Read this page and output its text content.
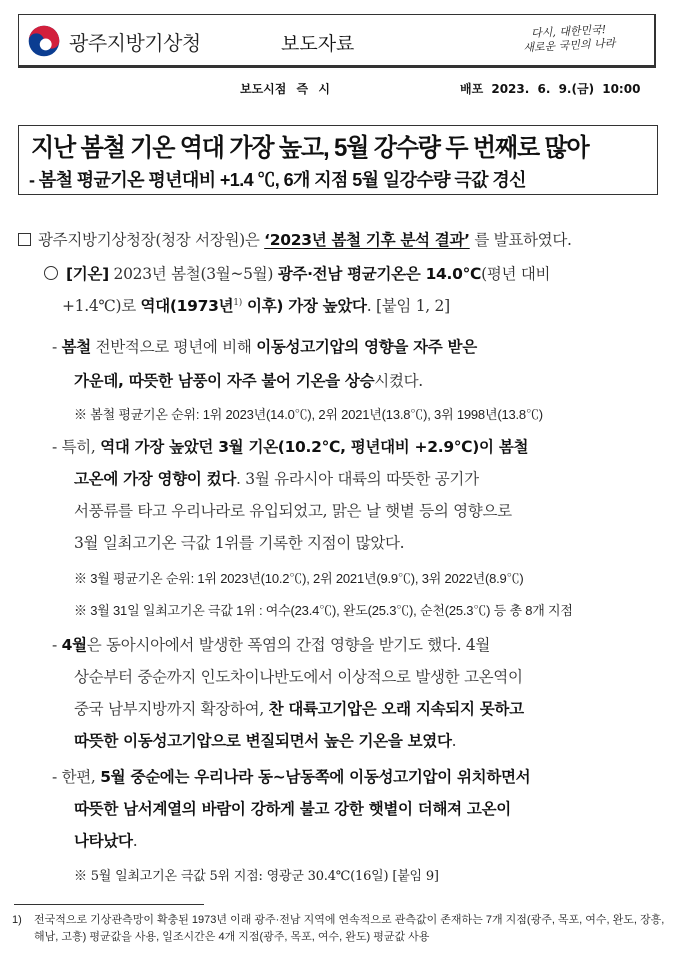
광주지방기상청	보도자료
다시, 대한민국!
새로운 국민의 나라
보도시점 즉 시	배포 2023. 6. 9.(금) 10:00
지난 봄철 기온 역대 가장 높고, 5월 강수량 두 번째로 많아
- 봄철 평균기온 평년대비 +1.4 ℃, 6개 지점 5월 일강수량 극값 경신
광주지방기상청장(청장 서장원)은 ‘2023년 봄철 기후 분석 결과’ 를 발표하였다.
[기온] 2023년 봄철(3월~5월) 광주·전남 평균기온은 14.0℃(평년 대비
+1.4℃)로 역대(1973년$^{1)}$ 이후) 가장 높았다. [붙임 1, 2]
- 봄철 전반적으로 평년에 비해 이동성고기압의 영향을 자주 받은
가운데, 따뜻한 남풍이 자주 불어 기온을 상승시켰다.
※ 봄철 평균기온 순위: 1위 2023년(14.0℃), 2위 2021년(13.8℃), 3위 1998년(13.8℃)
- 특히, 역대 가장 높았던 3월 기온(10.2℃, 평년대비 +2.9℃)이 봄철
고온에 가장 영향이 컸다. 3월 유라시아 대륙의 따뜻한 공기가
서풍류를 타고 우리나라로 유입되었고, 맑은 날 햇볕 등의 영향으로
3월 일최고기온 극값 1위를 기록한 지점이 많았다.
※ 3월 평균기온 순위: 1위 2023년(10.2℃), 2위 2021년(9.9℃), 3위 2022년(8.9℃)
※ 3월 31일 일최고기온 극값 1위 : 여수(23.4℃), 완도(25.3℃), 순천(25.3℃) 등 총 8개 지점
- 4월은 동아시아에서 발생한 폭염의 간접 영향을 받기도 했다. 4월
상순부터 중순까지 인도차이나반도에서 이상적으로 발생한 고온역이
중국 남부지방까지 확장하여, 찬 대륙고기압은 오래 지속되지 못하고
따뜻한 이동성고기압으로 변질되면서 높은 기온을 보였다.
- 한편, 5월 중순에는 우리나라 동~남동쪽에 이동성고기압이 위치하면서
따뜻한 남서계열의 바람이 강하게 불고 강한 햇볕이 더해져 고온이
나타났다.
※ 5월 일최고기온 극값 5위 지점: 영광군 30.4℃(16일) [붙임 9]
1) 전국적으로 기상관측망이 확충된 1973년 이래 광주·전남 지역에 연속적으로 관측값이 존재하는 7개 지점(광주, 목포, 여수, 완도, 장흥, 해남, 고흥) 평균값을 사용, 일조시간은 4개 지점(광주, 목포, 여수, 완도) 평균값 사용
